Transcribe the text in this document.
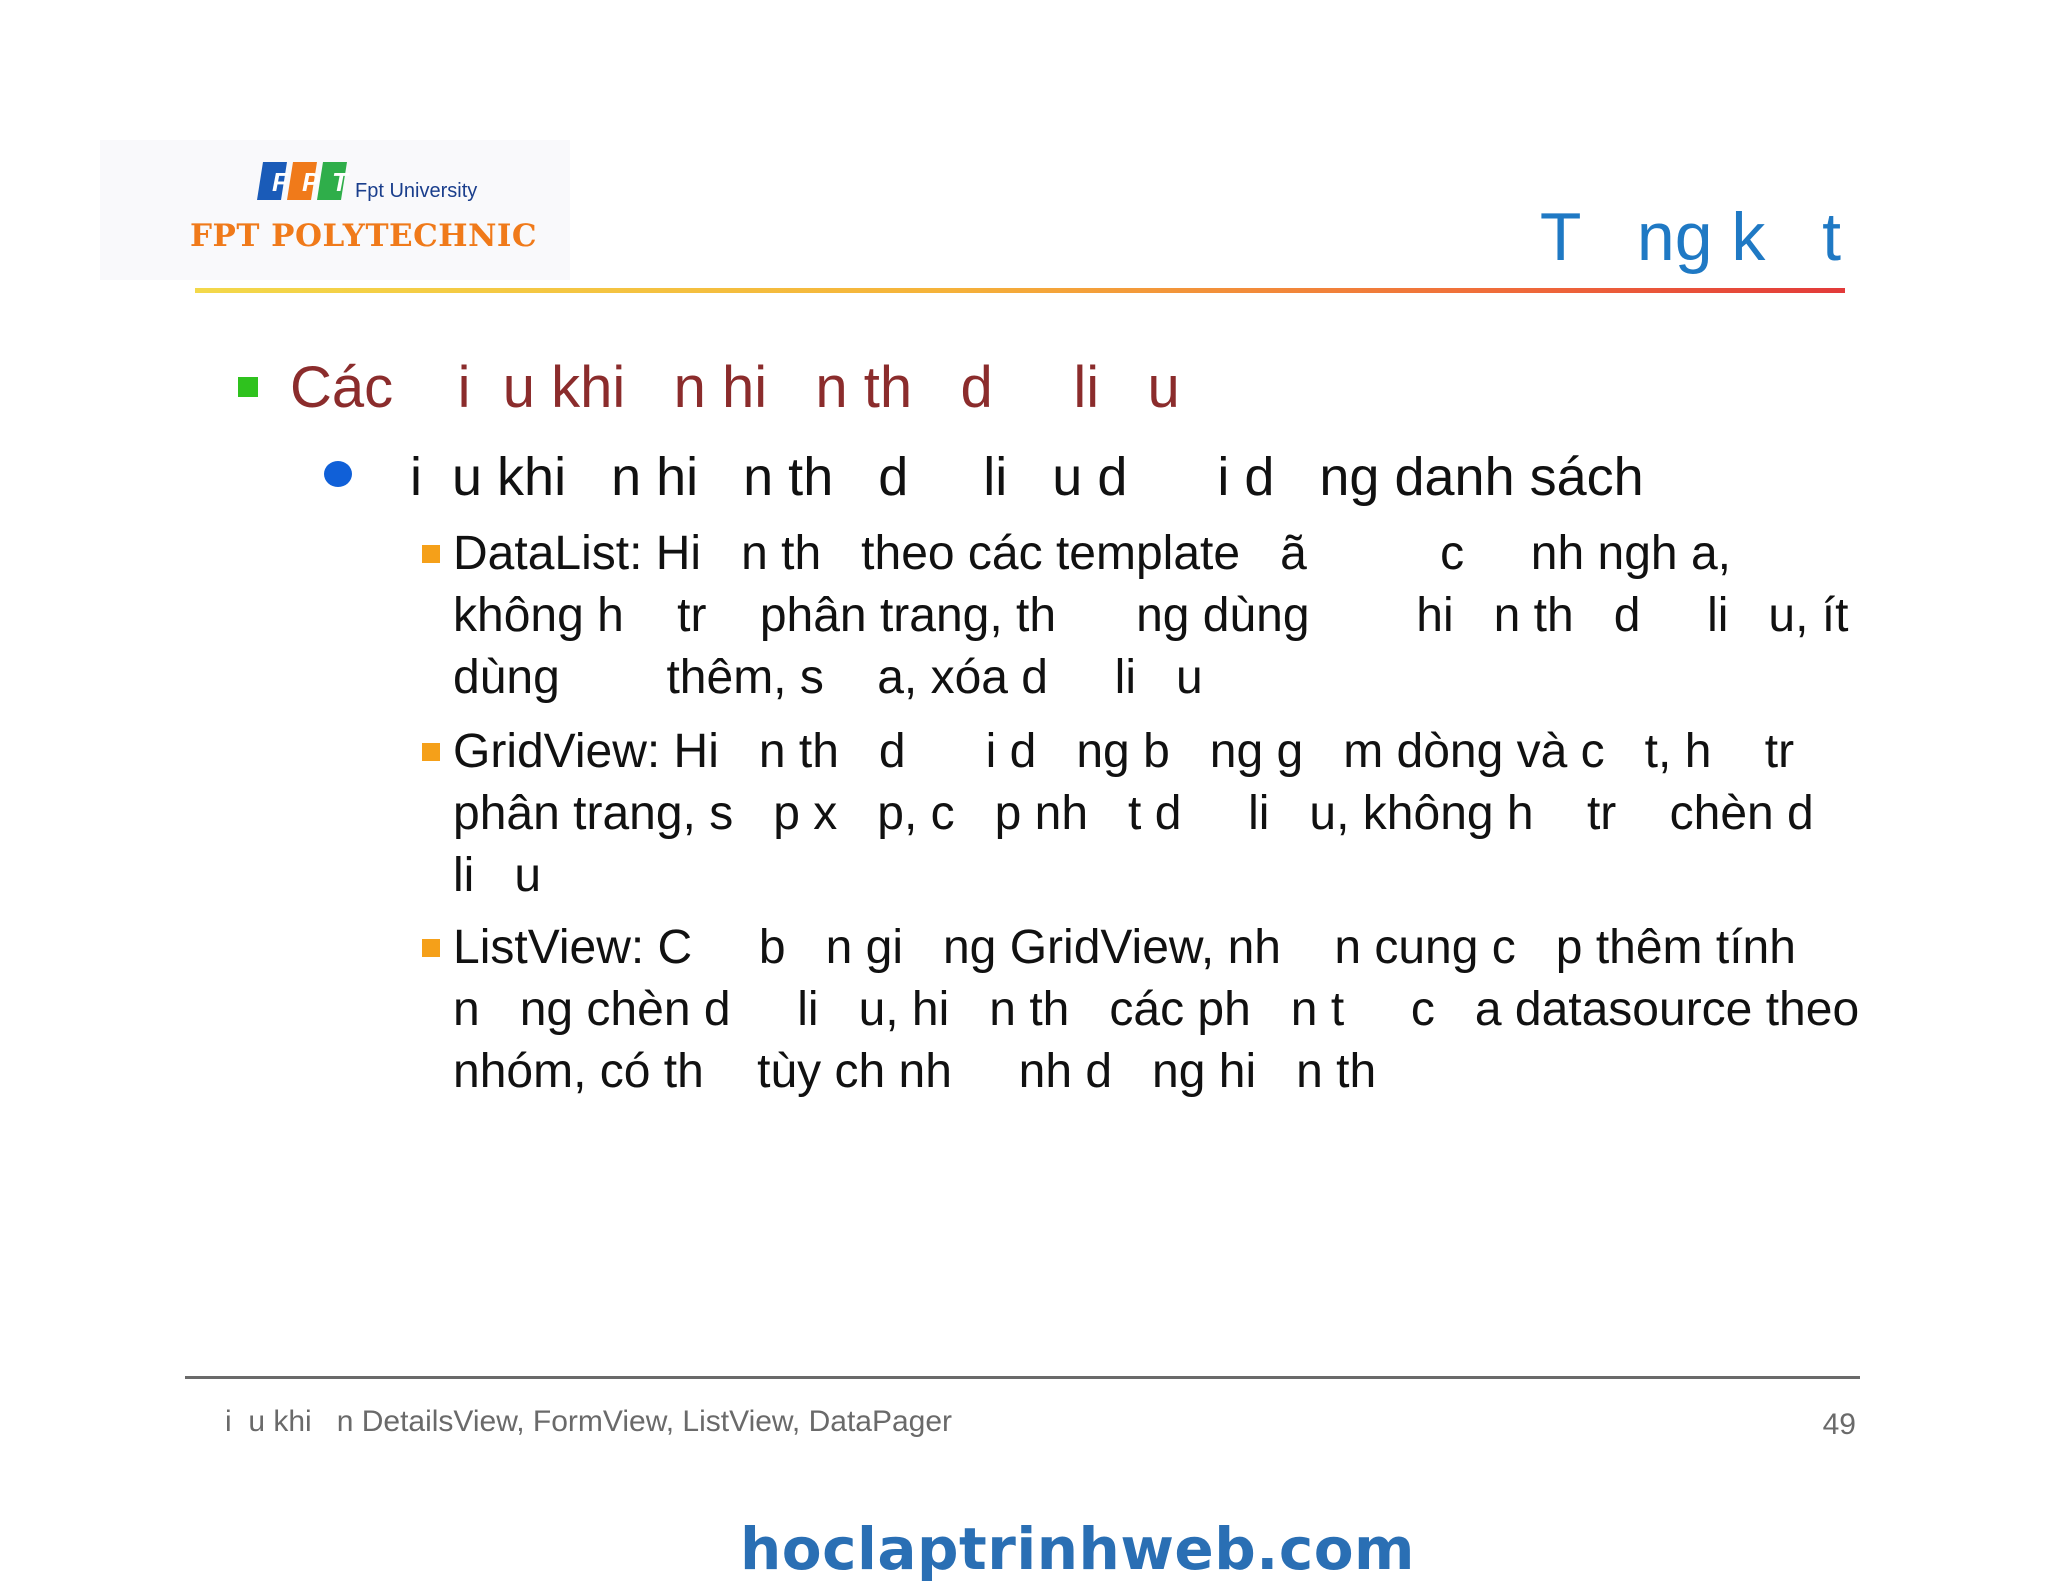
F P T Fpt University
FPT POLYTECHNIC	T   ng k   t
Các    i  u khi   n hi   n th   d     li   u
i  u khi   n hi   n th   d     li   u d      i d   ng danh sách
DataList: Hi   n th   theo các template   ã          c     nh ngh a,
không h    tr    phân trang, th      ng dùng        hi   n th   d     li   u, ít
dùng        thêm, s    a, xóa d     li   u
GridView: Hi   n th   d      i d   ng b   ng g   m dòng và c   t, h    tr
phân trang, s   p x   p, c   p nh   t d     li   u, không h    tr    chèn d
li   u
ListView: C     b   n gi   ng GridView, nh    n cung c   p thêm tính
n   ng chèn d     li   u, hi   n th   các ph   n t     c   a datasource theo
nhóm, có th    tùy ch nh     nh d   ng hi   n th
i  u khi   n DetailsView, FormView, ListView, DataPager	49
hoclaptrinhweb.com
